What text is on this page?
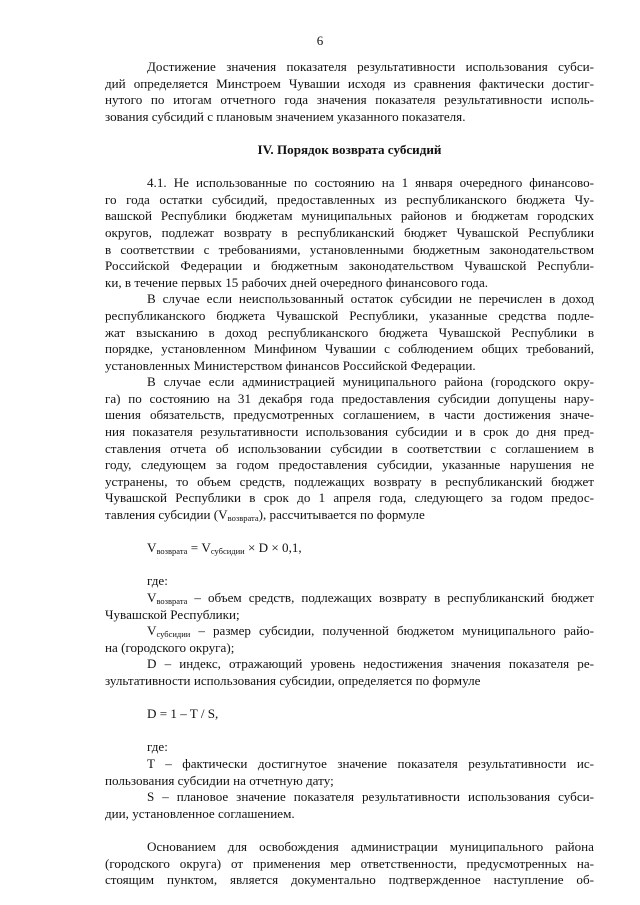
6
Достижение значения показателя результативности использования субси-
дий определяется Минстроем Чувашии исходя из сравнения фактически достиг-
нутого по итогам отчетного года значения показателя результативности исполь-
зования субсидий с плановым значением указанного показателя.
IV. Порядок возврата субсидий
4.1. Не использованные по состоянию на 1 января очередного финансово-
го года остатки субсидий, предоставленных из республиканского бюджета Чу-
вашской Республики бюджетам муниципальных районов и бюджетам городских
округов, подлежат возврату в республиканский бюджет Чувашской Республики
в соответствии с требованиями, установленными бюджетным законодательством
Российской Федерации и бюджетным законодательством Чувашской Республи-
ки, в течение первых 15 рабочих дней очередного финансового года.
В случае если неиспользованный остаток субсидии не перечислен в доход
республиканского бюджета Чувашской Республики, указанные средства подле-
жат взысканию в доход республиканского бюджета Чувашской Республики в
порядке, установленном Минфином Чувашии с соблюдением общих требований,
установленных Министерством финансов Российской Федерации.
В случае если администрацией муниципального района (городского окру-
га) по состоянию на 31 декабря года предоставления субсидии допущены нару-
шения обязательств, предусмотренных соглашением, в части достижения значе-
ния показателя результативности использования субсидии и в срок до дня пред-
ставления отчета об использовании субсидии в соответствии с соглашением в
году, следующем за годом предоставления субсидии, указанные нарушения не
устранены, то объем средств, подлежащих возврату в республиканский бюджет
Чувашской Республики в срок до 1 апреля года, следующего за годом предос-
тавления субсидии $(V_{возврата})$, рассчитывается по формуле
$V_{возврата} = V_{субсидии} \times D \times 0,1$,
где:
$V_{возврата}$ – объем средств, подлежащих возврату в республиканский бюджет
Чувашской Республики;
$V_{субсидии}$ – размер субсидии, полученной бюджетом муниципального райо-
на (городского округа);
D – индекс, отражающий уровень недостижения значения показателя ре-
зультативности использования субсидии, определяется по формуле
D = 1 – T / S,
где:
T – фактически достигнутое значение показателя результативности ис-
пользования субсидии на отчетную дату;
S – плановое значение показателя результативности использования субси-
дии, установленное соглашением.
Основанием для освобождения администрации муниципального района
(городского округа) от применения мер ответственности, предусмотренных на-
стоящим пунктом, является документально подтвержденное наступление об-
